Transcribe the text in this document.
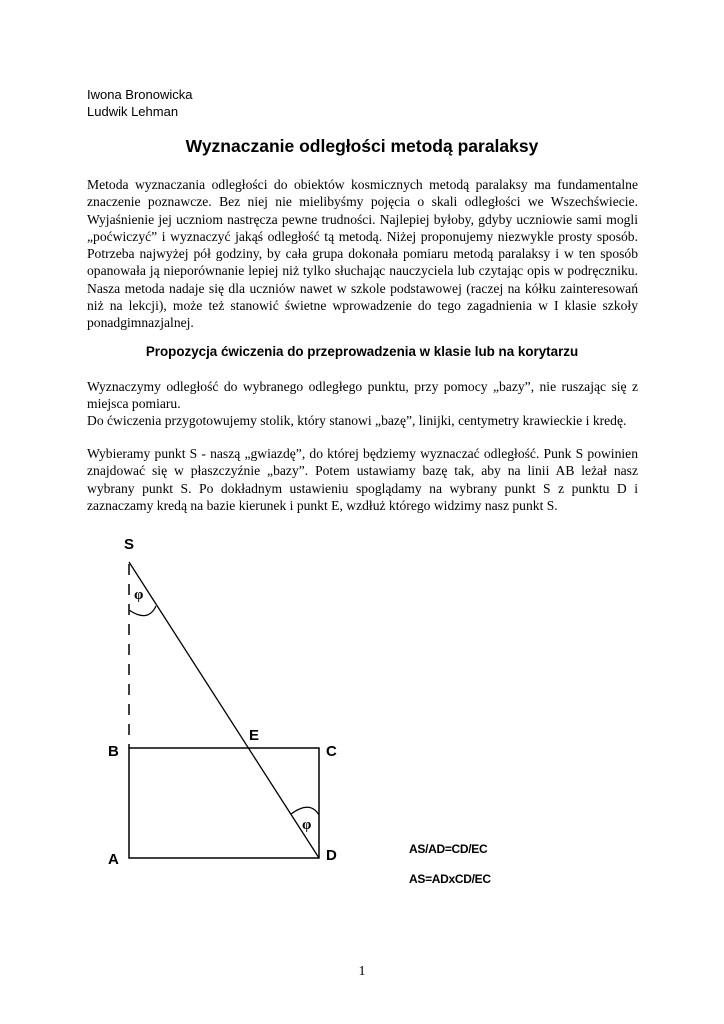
Iwona Bronowicka
Ludwik Lehman
Wyznaczanie odległości metodą paralaksy

Metoda wyznaczania odległości do obiektów kosmicznych metodą paralaksy ma fundamentalne znaczenie poznawcze. Bez niej nie mielibyśmy pojęcia o skali odległości we Wszechświecie. Wyjaśnienie jej uczniom nastręcza pewne trudności. Najlepiej byłoby, gdyby uczniowie sami mogli „poćwiczyć” i wyznaczyć jakąś odległość tą metodą. Niżej proponujemy niezwykle prosty sposób. Potrzeba najwyżej pół godziny, by cała grupa dokonała pomiaru metodą paralaksy i w ten sposób opanowała ją nieporównanie lepiej niż tylko słuchając nauczyciela lub czytając opis w podręczniku. Nasza metoda nadaje się dla uczniów nawet w szkole podstawowej (raczej na kółku zainteresowań niż na lekcji), może też stanowić świetne wprowadzenie do tego zagadnienia w I klasie szkoły ponadgimnazjalnej.

Propozycja ćwiczenia do przeprowadzenia w klasie lub na korytarzu

Wyznaczymy odległość do wybranego odległego punktu, przy pomocy „bazy”, nie ruszając się z miejsca pomiaru.

Do ćwiczenia przygotowujemy stolik, który stanowi „bazę”, linijki, centymetry krawieckie i kredę.

Wybieramy punkt S - naszą „gwiazdę”, do której będziemy wyznaczać odległość. Punk S powinien znajdować się w płaszczyźnie „bazy”. Potem ustawiamy bazę tak, aby na linii AB leżał nasz wybrany punkt S. Po dokładnym ustawieniu spoglądamy na wybrany punkt S z punktu D i zaznaczamy kredą na bazie kierunek i punkt E, wzdłuż którego widzimy nasz punkt S.

S
B
E
C
A	D
φ
φ
AS/AD=CD/EC
AS=ADxCD/EC
1
